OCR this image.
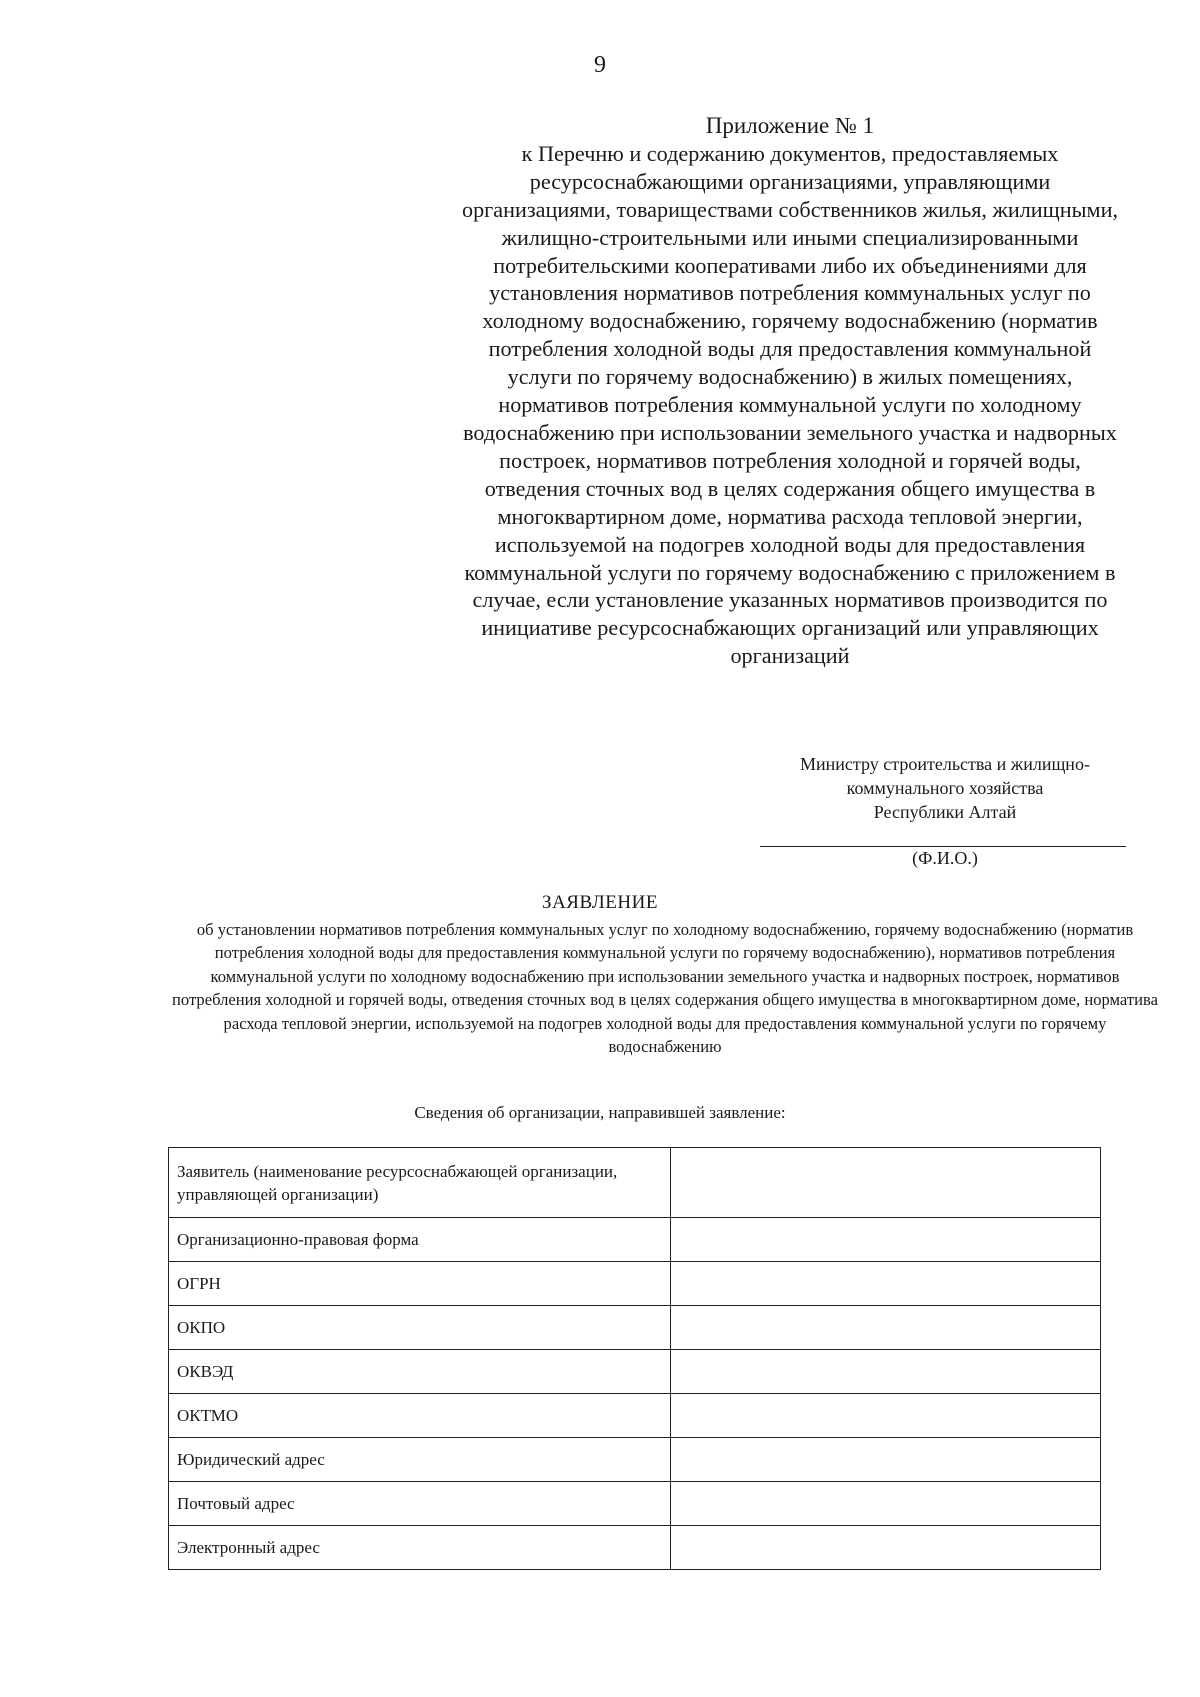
9
Приложение № 1
к Перечню и содержанию документов, предоставляемых ресурсоснабжающими организациями, управляющими организациями, товариществами собственников жилья, жилищными, жилищно-строительными или иными специализированными потребительскими кооперативами либо их объединениями для установления нормативов потребления коммунальных услуг по холодному водоснабжению, горячему водоснабжению (норматив потребления холодной воды для предоставления коммунальной услуги по горячему водоснабжению) в жилых помещениях, нормативов потребления коммунальной услуги по холодному водоснабжению при использовании земельного участка и надворных построек, нормативов потребления холодной и горячей воды, отведения сточных вод в целях содержания общего имущества в многоквартирном доме, норматива расхода тепловой энергии, используемой на подогрев холодной воды для предоставления коммунальной услуги по горячему водоснабжению с приложением в случае, если установление указанных нормативов производится по инициативе ресурсоснабжающих организаций или управляющих организаций
Министру строительства и жилищно-
коммунального хозяйства
Республики Алтай
(Ф.И.О.)
ЗАЯВЛЕНИЕ
об установлении нормативов потребления коммунальных услуг по холодному водоснабжению, горячему водоснабжению (норматив потребления холодной воды для предоставления коммунальной услуги по горячему водоснабжению), нормативов потребления коммунальной услуги по холодному водоснабжению при использовании земельного участка и надворных построек, нормативов потребления холодной и горячей воды, отведения сточных вод в целях содержания общего имущества в многоквартирном доме, норматива расхода тепловой энергии, используемой на подогрев холодной воды для предоставления коммунальной услуги по горячему водоснабжению
Сведения об организации, направившей заявление:
Заявитель (наименование ресурсоснабжающей организации, управляющей организации)	
Организационно-правовая форма	
ОГРН	
ОКПО	
ОКВЭД	
ОКТМО	
Юридический адрес	
Почтовый адрес	
Электронный адрес	
